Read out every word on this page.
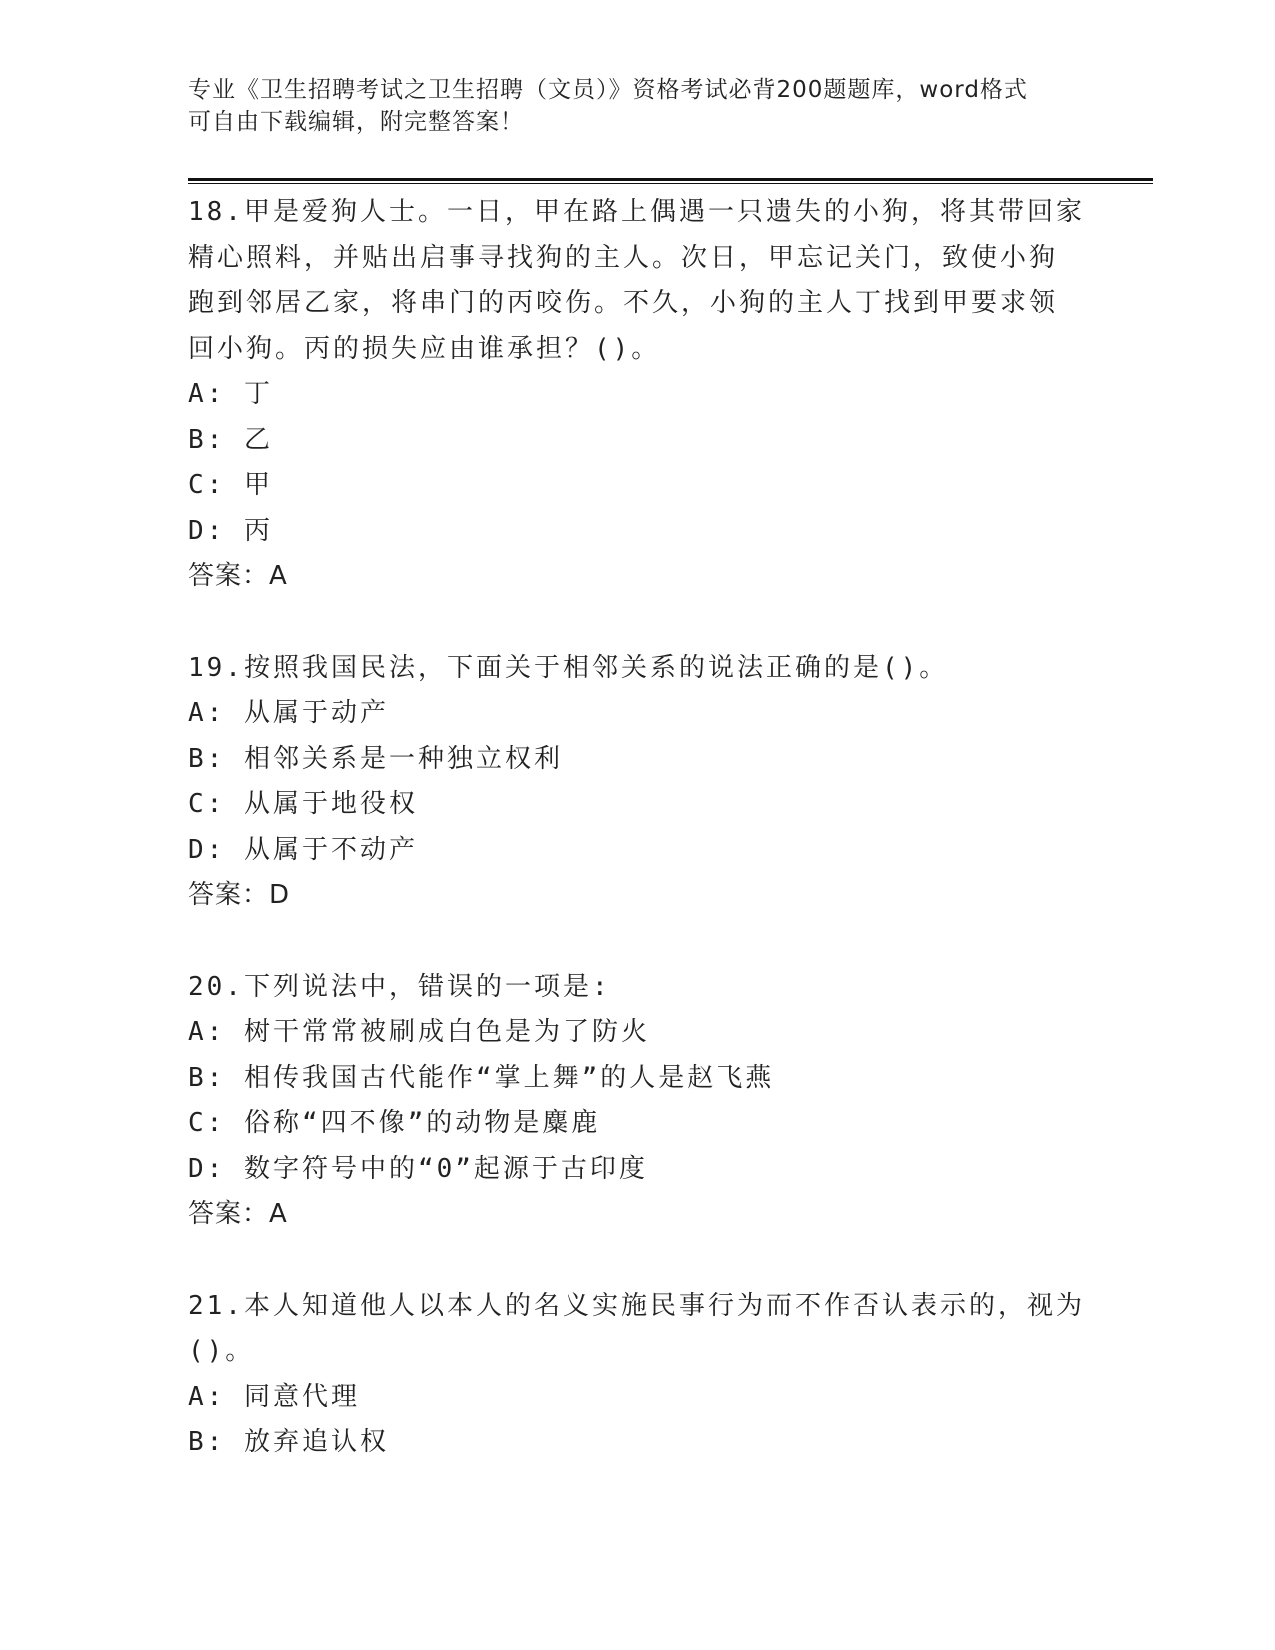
专业《卫生招聘考试之卫生招聘（文员）》资格考试必背200题题库，word格式
可自由下载编辑，附完整答案！
18.甲是爱狗人士。一日，甲在路上偶遇一只遗失的小狗，将其带回家
精心照料，并贴出启事寻找狗的主人。次日，甲忘记关门，致使小狗
跑到邻居乙家，将串门的丙咬伤。不久，小狗的主人丁找到甲要求领
回小狗。丙的损失应由谁承担？()。
A: 丁
B: 乙
C: 甲
D: 丙
答案：A
19.按照我国民法，下面关于相邻关系的说法正确的是()。
A: 从属于动产
B: 相邻关系是一种独立权利
C: 从属于地役权
D: 从属于不动产
答案：D
20.下列说法中，错误的一项是:
A: 树干常常被刷成白色是为了防火
B: 相传我国古代能作“掌上舞”的人是赵飞燕
C: 俗称“四不像”的动物是麋鹿
D: 数字符号中的“0”起源于古印度
答案：A
21.本人知道他人以本人的名义实施民事行为而不作否认表示的，视为
()。
A: 同意代理
B: 放弃追认权
